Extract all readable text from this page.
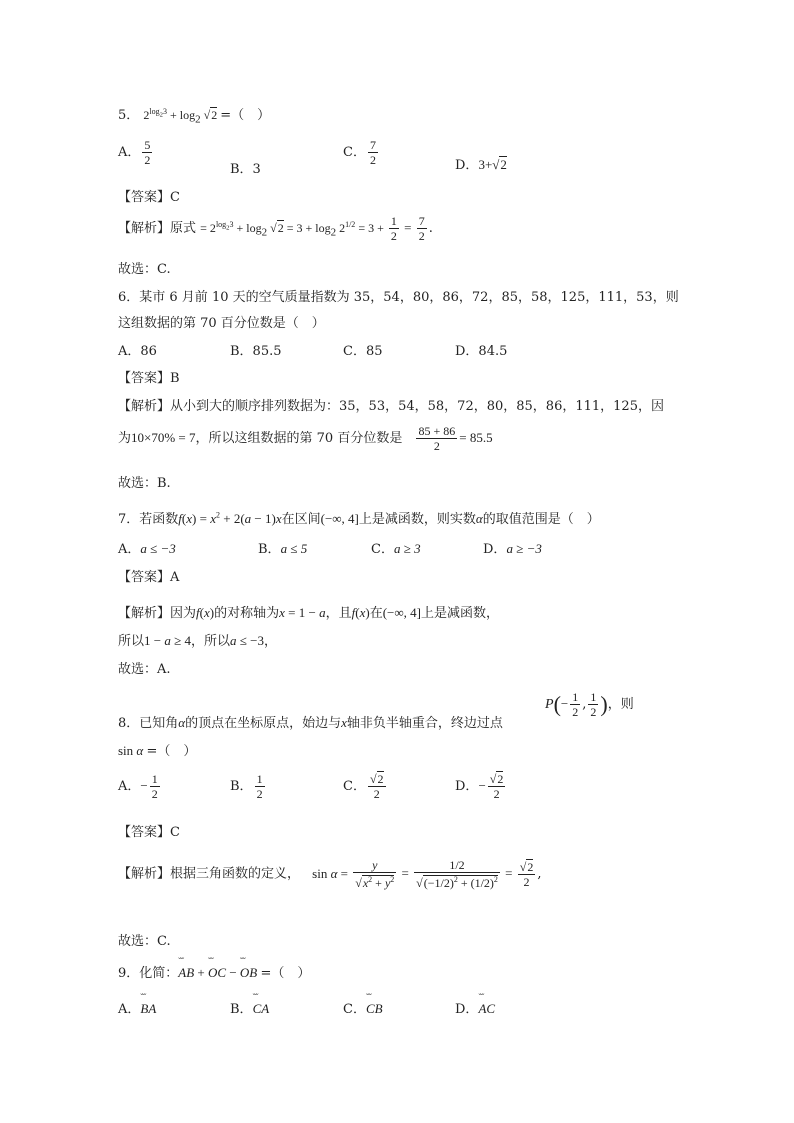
5． $2^{log_23} + \log_2 √2$ =（　）
A． $\frac{5}{2}$
B．3
C． $\frac{7}{2}$	D．3+√2
【答案】C
【解析】原式 = $2^{log_23} + \log_2 √2 = 3 + \log_2 2^{1/2} = 3 + \frac{1}{2} = \frac{7}{2}$ .
故选：C.
6．某市 6 月前 10 天的空气质量指数为 35，54，80，86，72，85，58，125，111，53，则
这组数据的第 70 百分位数是（　）
A．86	B．85.5	C．85	D．84.5
【答案】B
【解析】从小到大的顺序排列数据为：35，53，54，58，72，80，85，86，111，125，因
为10×70% = 7，所以这组数据的第 70 百分位数是 $\frac{85 + 86}{2} = 85.5$
故选：B.
7．若函数$f(x) = x^2 + 2(a - 1)x$在区间(−∞, 4]上是减函数，则实数α的取值范围是（　）
A．a ≤ −3	B．a ≤ 5	C．a ≥ 3	D．a ≥ −3
【答案】A
【解析】因为f(x)的对称轴为x = 1 − a，且f(x)在(−∞, 4]上是减函数，
所以1 − a ≥ 4，所以a ≤ −3，
故选：A.
8．已知角α的顶点在坐标原点，始边与x轴非负半轴重合，终边过点
$P(- \frac{1}{2}$ , $\frac{1}{2}$ )，则
sin α =（　）
A．− $\frac{1}{2}$	B． $\frac{1}{2}$	C． $\frac{√2}{2}$	D．− $\frac{√2}{2}$
【答案】C
【解析】根据三角函数的定义， $\sin \alpha = \frac{y}{√x^2 + y^2} = \frac{1/2}{√(-1/2)^2 + (1/2)^2} = \frac{√2}{2}$ ,
故选：C.
9．化简：˘˘˘ AB + ˘˘˘ OC − ˘˘˘ OB =（　）
A．˘˘˘ BA	B．˘˘˘ CA	C．˘˘˘ CB	D．˘˘˘ AC
